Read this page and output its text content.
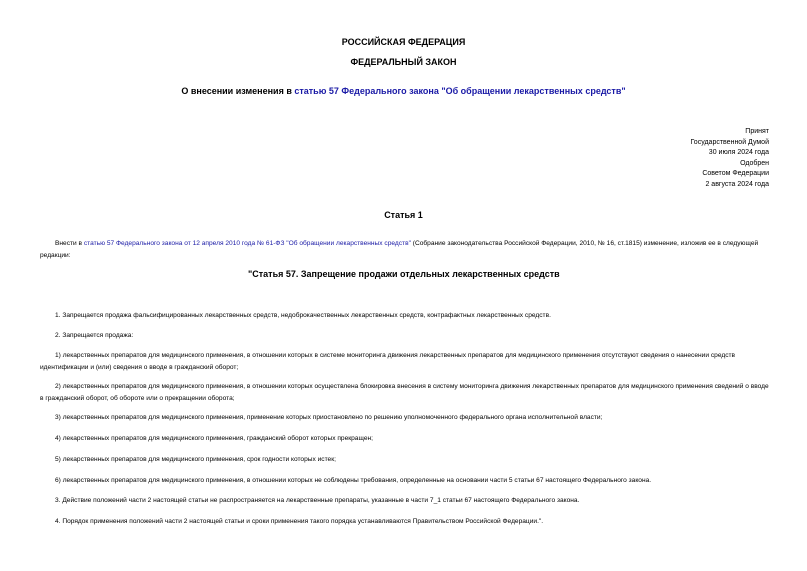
РОССИЙСКАЯ ФЕДЕРАЦИЯ
ФЕДЕРАЛЬНЫЙ ЗАКОН
О внесении изменения в статью 57 Федерального закона "Об обращении лекарственных средств"
Принят
Государственной Думой
30 июля 2024 года
Одобрен
Советом Федерации
2 августа 2024 года
Статья 1
Внести в статью 57 Федерального закона от 12 апреля 2010 года № 61-ФЗ "Об обращении лекарственных средств" (Собрание законодательства Российской Федерации, 2010, № 16, ст.1815) изменение, изложив ее в следующей редакции:
"Статья 57. Запрещение продажи отдельных лекарственных средств
1. Запрещается продажа фальсифицированных лекарственных средств, недоброкачественных лекарственных средств, контрафактных лекарственных средств.
2. Запрещается продажа:
1) лекарственных препаратов для медицинского применения, в отношении которых в системе мониторинга движения лекарственных препаратов для медицинского применения отсутствуют сведения о нанесении средств идентификации и (или) сведения о вводе в гражданский оборот;
2) лекарственных препаратов для медицинского применения, в отношении которых осуществлена блокировка внесения в систему мониторинга движения лекарственных препаратов для медицинского применения сведений о вводе в гражданский оборот, об обороте или о прекращении оборота;
3) лекарственных препаратов для медицинского применения, применение которых приостановлено по решению уполномоченного федерального органа исполнительной власти;
4) лекарственных препаратов для медицинского применения, гражданский оборот которых прекращен;
5) лекарственных препаратов для медицинского применения, срок годности которых истек;
6) лекарственных препаратов для медицинского применения, в отношении которых не соблюдены требования, определенные на основании части 5 статьи 67 настоящего Федерального закона.
3. Действие положений части 2 настоящей статьи не распространяется на лекарственные препараты, указанные в части 7_1 статьи 67 настоящего Федерального закона.
4. Порядок применения положений части 2 настоящей статьи и сроки применения такого порядка устанавливаются Правительством Российской Федерации.".
